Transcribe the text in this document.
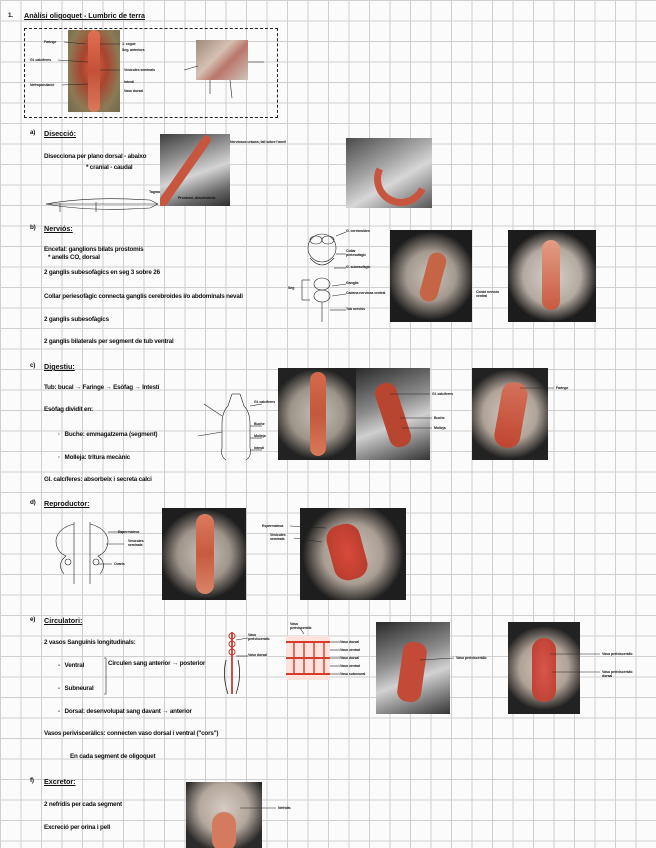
1. Anàlisi oligoquet - Lumbric de terra
Faringe
Gl. calcíferes
Nefroporulació
1. cegue
Seg. anteriors
Vesícules seminals
Intestí
Vaso dorsal
a) Disecció:
Disecciona per plano dorsal - abaixo
* cranial - caudal
Tagma
Nerviosos urbans, tall sobre l'anell
Prostomi, descèndents
b) Nerviós:
Encefal: ganglions bilats prostomis
* anells CO, dorsal
2 ganglis subesofàgics en seg 3 sobre 26
Collar periesofàgic connecta ganglis cerebroides i/o abdominals nevali
2 ganglis subesofàgics
2 ganglis bilaterals per segment de tub ventral
G. cerebroides
Collar periesofàgic
G. subesofàgic
Ganglis
Cadena nerviosa ventral
Tub nerviós
Seg
Cordó nerviós ventral
c) Digestiu:
Tub: bucal → Faringe → Esòfag → Intestí
Esòfag dividit en:
·   Buche: emmagatzema (segment)
·   Molleja: tritura mecànic
Gl. calcíferes: absorbeix i secreta calci
Gl. calcíferes
Buche
Molleja
Intestí
Gl. calcíferes
Buche
Molleja
Faringe
d) Reproductor:
Espermateca
Vesícules seminals
Ovaris
Espermateca
Vesícules seminals
e) Circulatori:
2 vasos Sanguínis longitudinals:
-   Ventral
-   Subneural
Circulen sang anterior → posterior
-   Dorsal: desenvolupat sang davant → anterior
Vasos perivisceràlics: connecten vaso dorsal i ventral ("cors")
En cada segment de oligoquet
Vaso perivisceràlic
Vaso dorsal
Vaso perivisceràlic
Vaso dorsal
Vaso ventral
Vaso dorsal
Vaso ventral
Vaso subneural
Vaso perivisceràlic
Vaso perivisceràlic
Vaso perivisceràlic dorsal
f) Excretor:
2 nefridis per cada segment
Excreció per orina i pell
Nefridis
